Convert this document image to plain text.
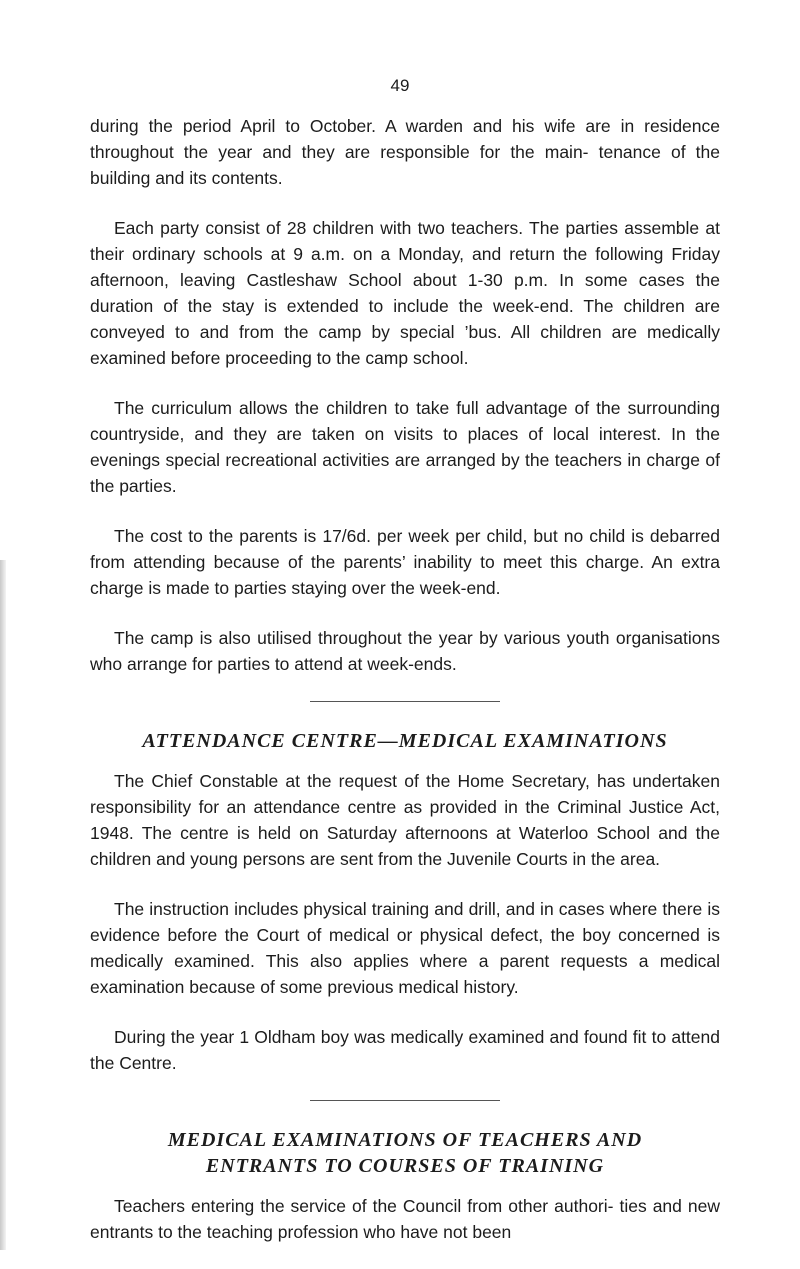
49

during the period April to October. A warden and his wife are in residence throughout the year and they are responsible for the main- tenance of the building and its contents.

Each party consist of 28 children with two teachers. The parties assemble at their ordinary schools at 9 a.m. on a Monday, and return the following Friday afternoon, leaving Castleshaw School about 1-30 p.m. In some cases the duration of the stay is extended to include the week-end. The children are conveyed to and from the camp by special ’bus. All children are medically examined before proceeding to the camp school.

The curriculum allows the children to take full advantage of the surrounding countryside, and they are taken on visits to places of local interest. In the evenings special recreational activities are arranged by the teachers in charge of the parties.

The cost to the parents is 17/6d. per week per child, but no child is debarred from attending because of the parents’ inability to meet this charge. An extra charge is made to parties staying over the week-end.

The camp is also utilised throughout the year by various youth organisations who arrange for parties to attend at week-ends.

ATTENDANCE CENTRE—MEDICAL EXAMINATIONS

The Chief Constable at the request of the Home Secretary, has undertaken responsibility for an attendance centre as provided in the Criminal Justice Act, 1948. The centre is held on Saturday afternoons at Waterloo School and the children and young persons are sent from the Juvenile Courts in the area.

The instruction includes physical training and drill, and in cases where there is evidence before the Court of medical or physical defect, the boy concerned is medically examined. This also applies where a parent requests a medical examination because of some previous medical history.

During the year 1 Oldham boy was medically examined and found fit to attend the Centre.

MEDICAL EXAMINATIONS OF TEACHERS AND
ENTRANTS TO COURSES OF TRAINING

Teachers entering the service of the Council from other authori- ties and new entrants to the teaching profession who have not been
